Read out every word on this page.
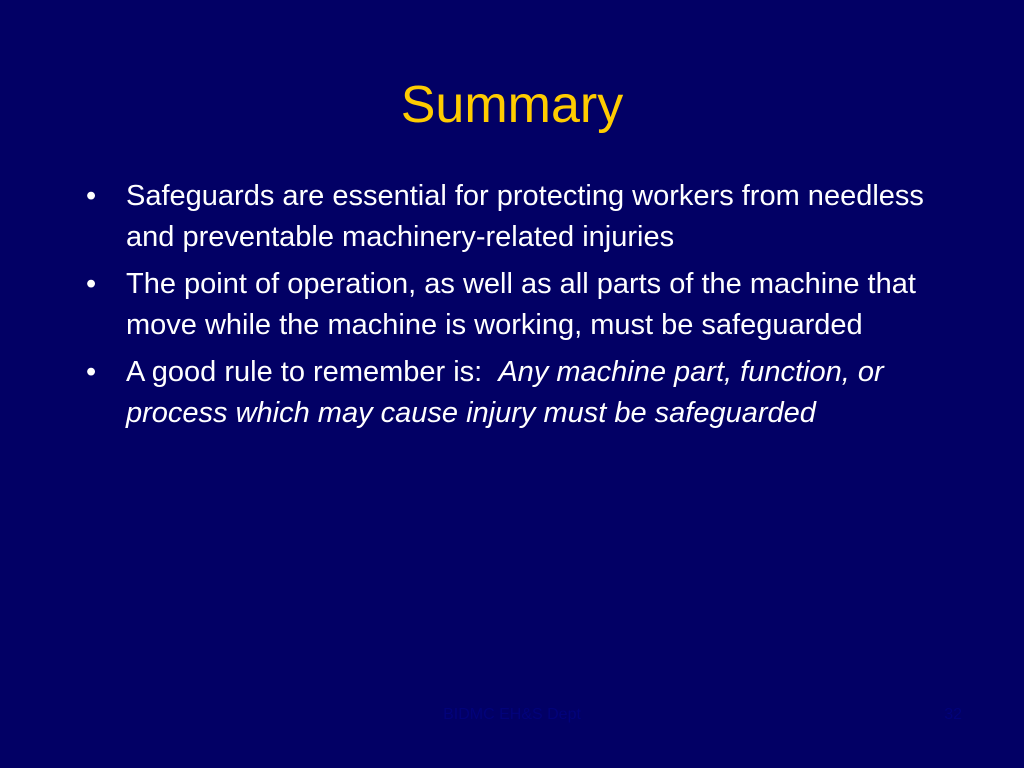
Summary
• Safeguards are essential for protecting workers from needless and preventable machinery-related injuries
• The point of operation, as well as all parts of the machine that move while the machine is working, must be safeguarded
• A good rule to remember is:  Any machine part, function, or process which may cause injury must be safeguarded
BIDMC EH&S Dept	32
